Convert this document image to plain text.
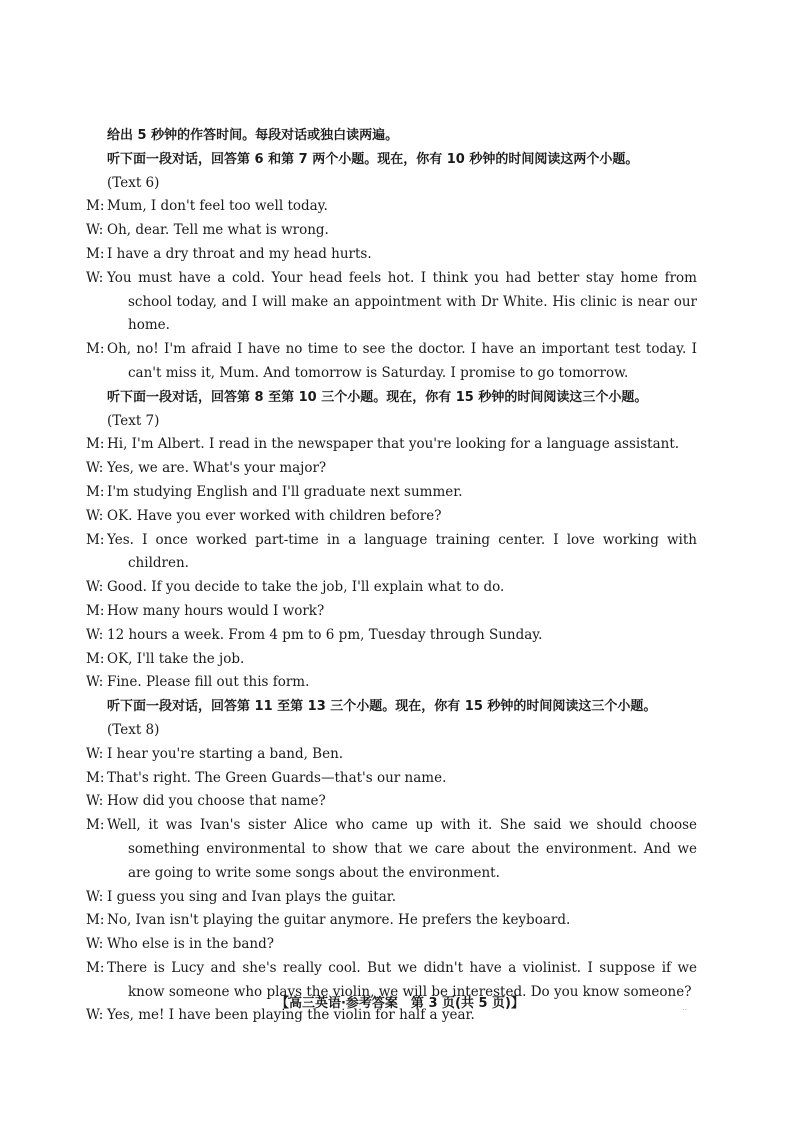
给出 5 秒钟的作答时间。每段对话或独白读两遍。
听下面一段对话，回答第 6 和第 7 两个小题。现在，你有 10 秒钟的时间阅读这两个小题。
(Text 6)
M: Mum, I don't feel too well today.
W: Oh, dear. Tell me what is wrong.
M: I have a dry throat and my head hurts.
W: You must have a cold. Your head feels hot. I think you had better stay home from school today, and I will make an appointment with Dr White. His clinic is near our home.
M: Oh, no! I'm afraid I have no time to see the doctor. I have an important test today. I can't miss it, Mum. And tomorrow is Saturday. I promise to go tomorrow.
听下面一段对话，回答第 8 至第 10 三个小题。现在，你有 15 秒钟的时间阅读这三个小题。
(Text 7)
M: Hi, I'm Albert. I read in the newspaper that you're looking for a language assistant.
W: Yes, we are. What's your major?
M: I'm studying English and I'll graduate next summer.
W: OK. Have you ever worked with children before?
M: Yes. I once worked part-time in a language training center. I love working with children.
W: Good. If you decide to take the job, I'll explain what to do.
M: How many hours would I work?
W: 12 hours a week. From 4 pm to 6 pm, Tuesday through Sunday.
M: OK, I'll take the job.
W: Fine. Please fill out this form.
听下面一段对话，回答第 11 至第 13 三个小题。现在，你有 15 秒钟的时间阅读这三个小题。
(Text 8)
W: I hear you're starting a band, Ben.
M: That's right. The Green Guards—that's our name.
W: How did you choose that name?
M: Well, it was Ivan's sister Alice who came up with it. She said we should choose something environmental to show that we care about the environment. And we are going to write some songs about the environment.
W: I guess you sing and Ivan plays the guitar.
M: No, Ivan isn't playing the guitar anymore. He prefers the keyboard.
W: Who else is in the band?
M: There is Lucy and she's really cool. But we didn't have a violinist. I suppose if we know someone who plays the violin, we will be interested. Do you know someone?
W: Yes, me! I have been playing the violin for half a year.
【高三英语·参考答案　第 3 页(共 5 页)】	..
